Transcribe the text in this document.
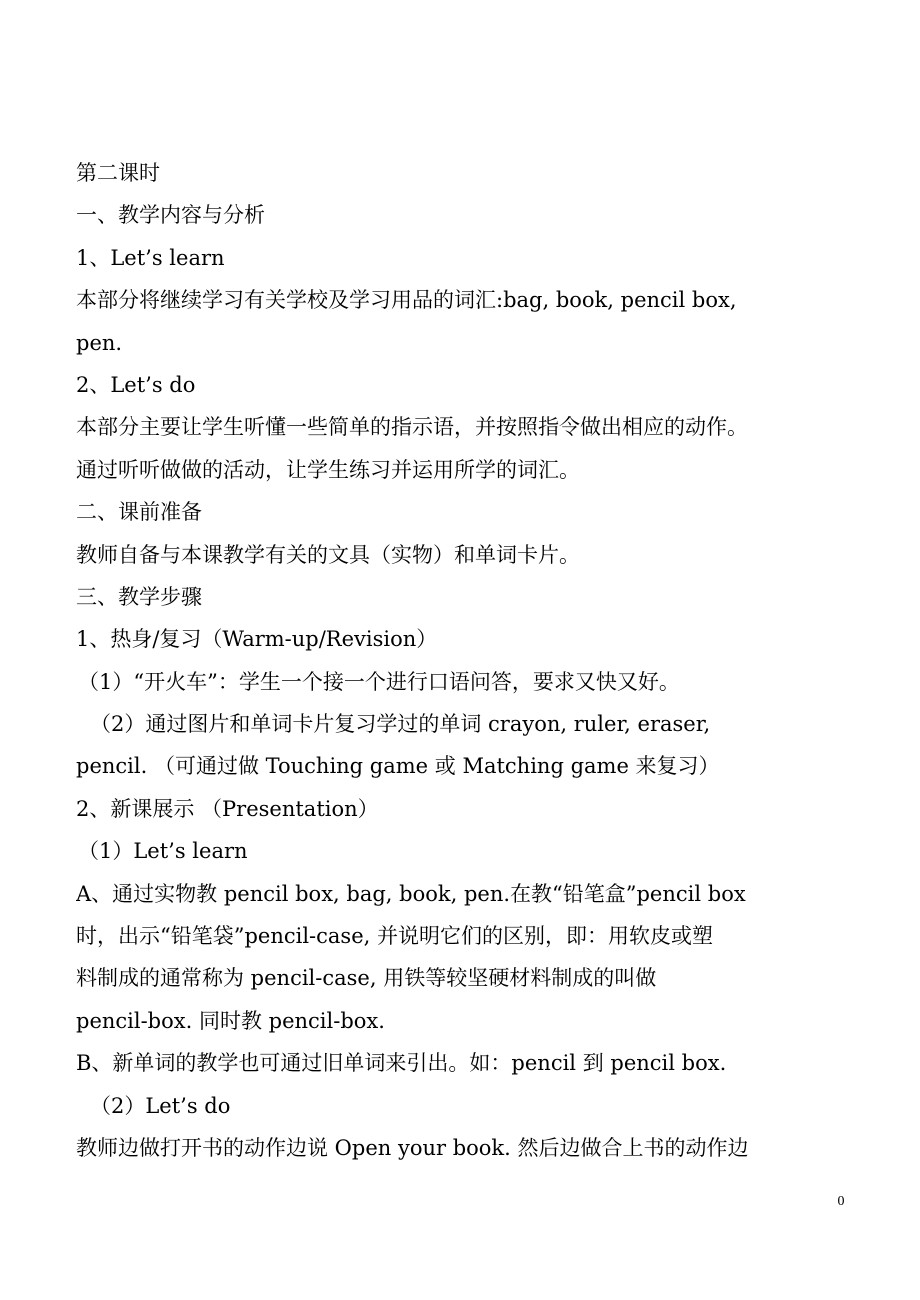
第二课时
一、教学内容与分析
1、Let’s learn
本部分将继续学习有关学校及学习用品的词汇:bag, book, pencil box,
pen.
2、Let’s do
本部分主要让学生听懂一些简单的指示语，并按照指令做出相应的动作。
通过听听做做的活动，让学生练习并运用所学的词汇。
二、课前准备
教师自备与本课教学有关的文具（实物）和单词卡片。
三、教学步骤
1、热身/复习（Warm-up/Revision）
（1）“开火车”：学生一个接一个进行口语问答，要求又快又好。
（2）通过图片和单词卡片复习学过的单词 crayon, ruler, eraser,
pencil. （可通过做 Touching game 或 Matching game 来复习）
2、新课展示 （Presentation）
（1）Let’s learn
A、通过实物教 pencil box, bag, book, pen.在教“铅笔盒”pencil box
时，出示“铅笔袋”pencil-case, 并说明它们的区别，即：用软皮或塑
料制成的通常称为 pencil-case, 用铁等较坚硬材料制成的叫做
pencil-box. 同时教 pencil-box.
B、新单词的教学也可通过旧单词来引出。如：pencil 到 pencil box.
（2）Let’s do
教师边做打开书的动作边说 Open your book. 然后边做合上书的动作边
0
